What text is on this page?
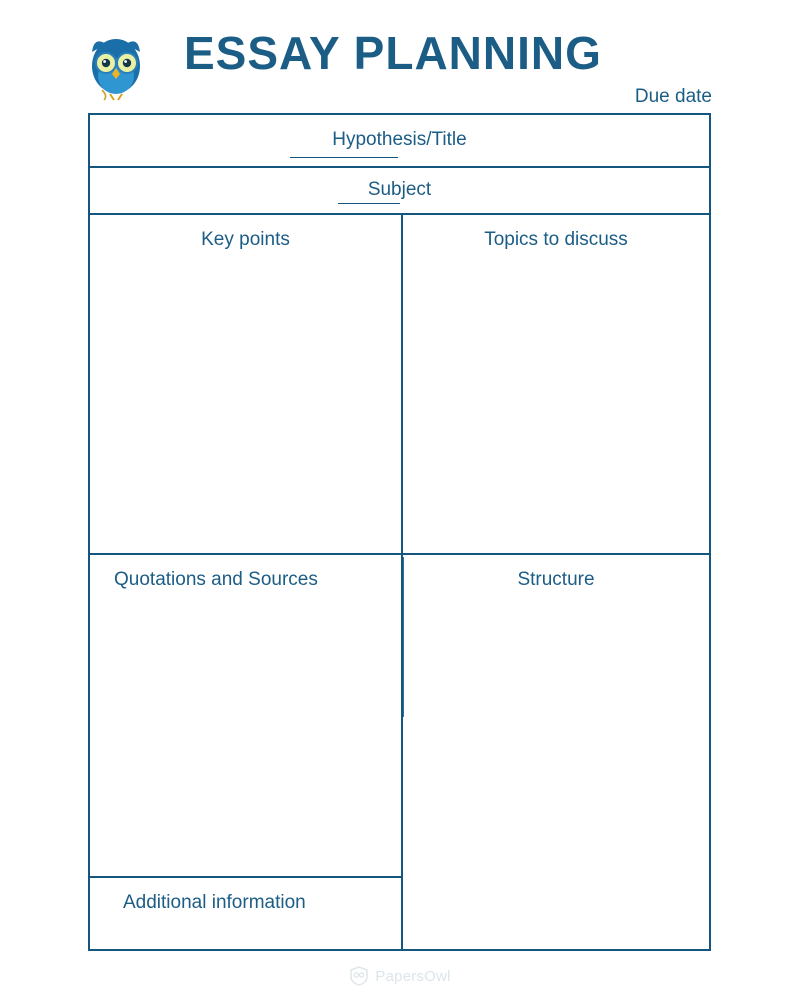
ESSAY PLANNING
Due date
Hypothesis/Title
Subject
Key points	Topics to discuss
Quotations and Sources	Structure
Additional information
PapersOwl
